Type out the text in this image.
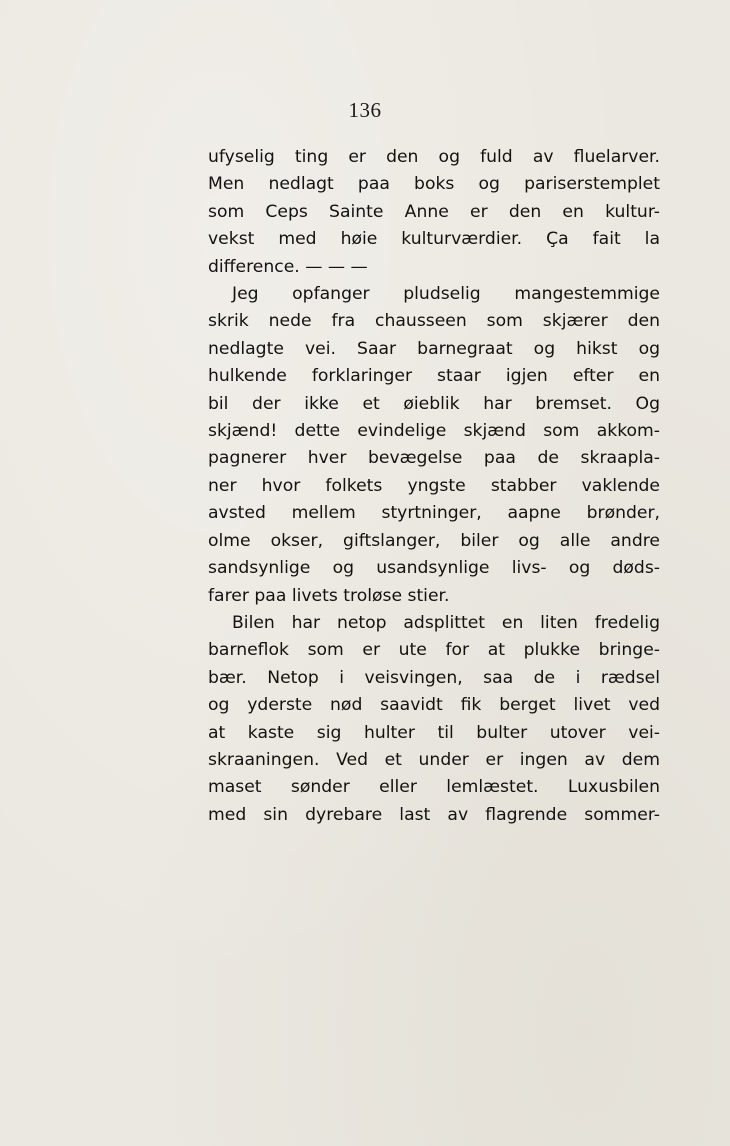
136
ufyselig ting er den og fuld av fluelarver.
Men nedlagt paa boks og pariserstemplet
som Ceps Sainte Anne er den en kultur-
vekst med høie kulturværdier. Ça fait la
difference. — — —
Jeg opfanger pludselig mangestemmige
skrik nede fra chausseen som skjærer den
nedlagte vei. Saar barnegraat og hikst og
hulkende forklaringer staar igjen efter en
bil der ikke et øieblik har bremset. Og
skjænd! dette evindelige skjænd som akkom-
pagnerer hver bevægelse paa de skraapla-
ner hvor folkets yngste stabber vaklende
avsted mellem styrtninger, aapne brønder,
olme okser, giftslanger, biler og alle andre
sandsynlige og usandsynlige livs- og døds-
farer paa livets troløse stier.
Bilen har netop adsplittet en liten fredelig
barneflok som er ute for at plukke bringe-
bær. Netop i veisvingen, saa de i rædsel
og yderste nød saavidt fik berget livet ved
at kaste sig hulter til bulter utover vei-
skraaningen. Ved et under er ingen av dem
maset sønder eller lemlæstet. Luxusbilen
med sin dyrebare last av flagrende sommer-
